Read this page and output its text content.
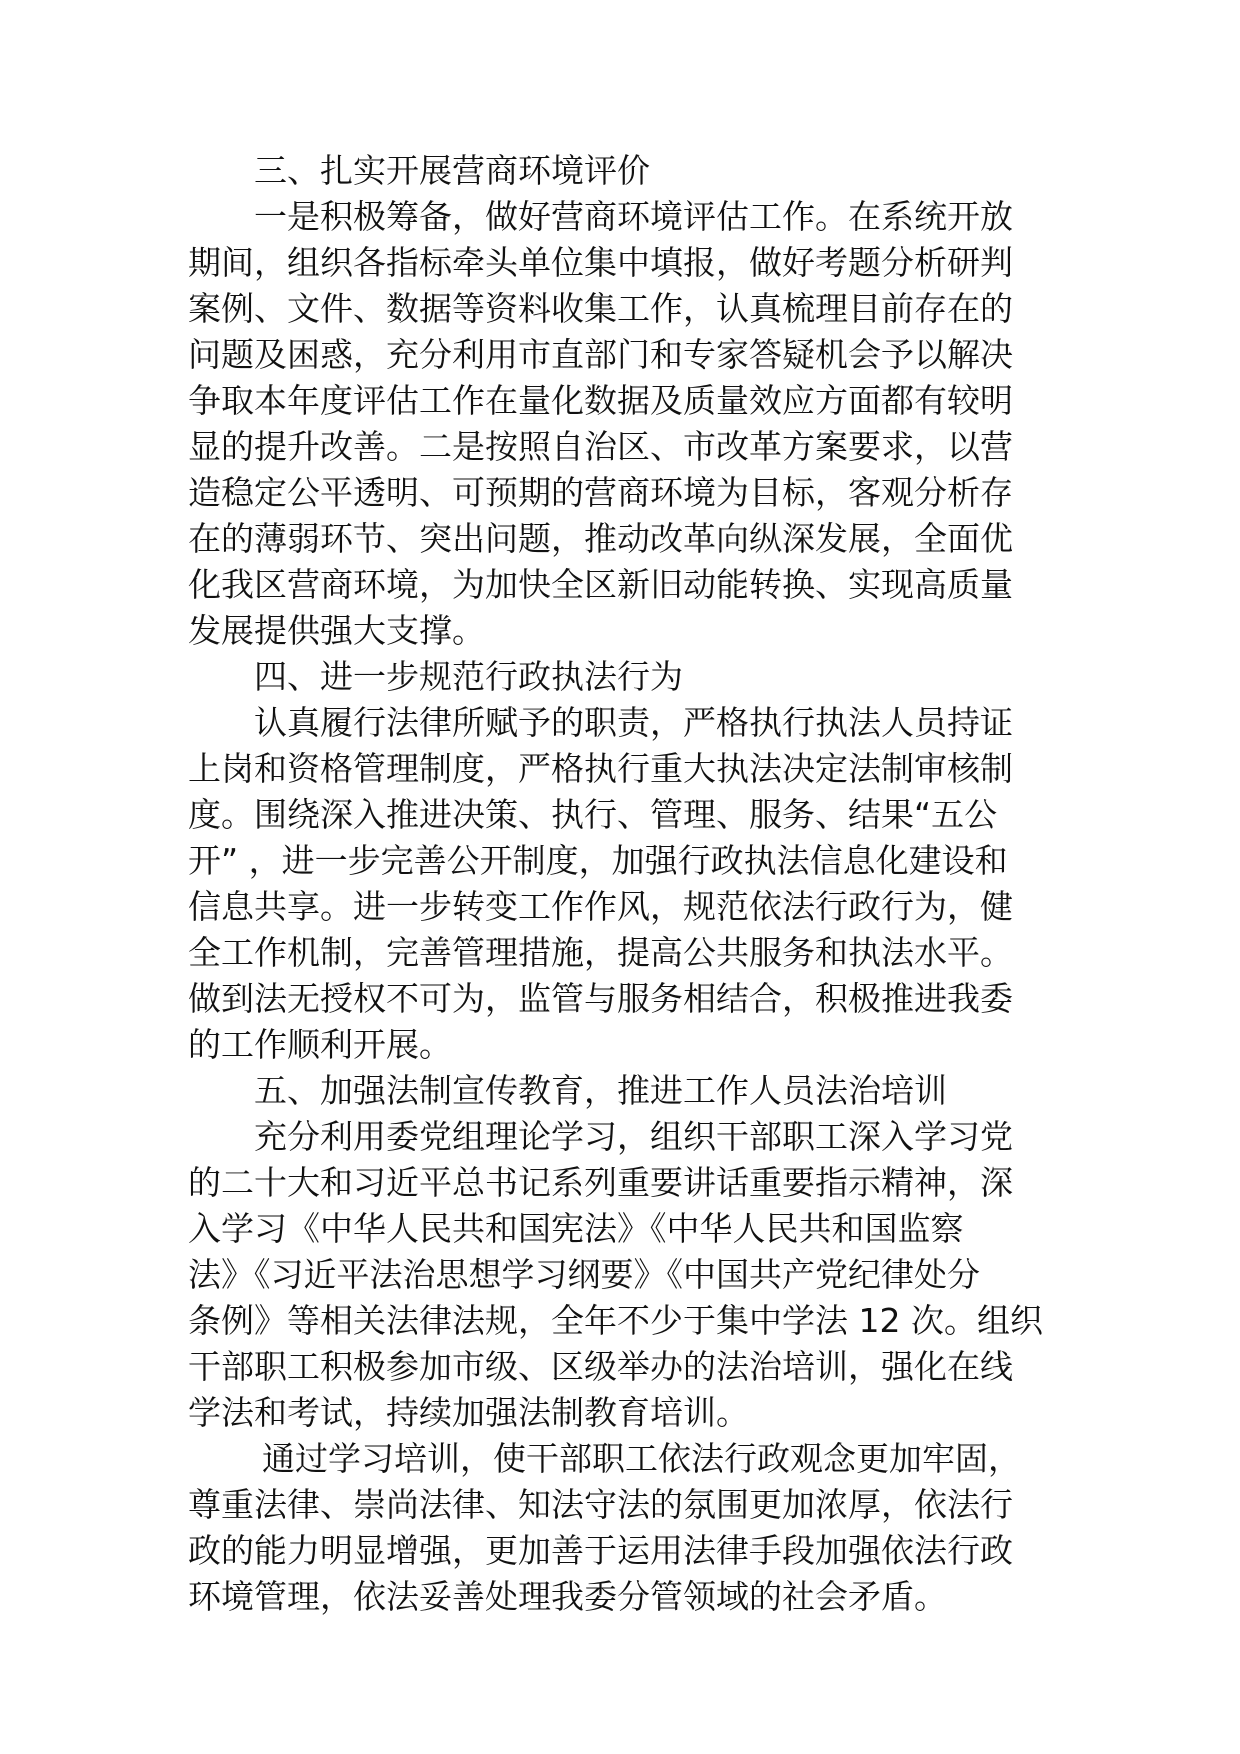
三、扎实开展营商环境评价
一是积极筹备，做好营商环境评估工作。在系统开放
期间，组织各指标牵头单位集中填报，做好考题分析研判
案例、文件、数据等资料收集工作，认真梳理目前存在的
问题及困惑，充分利用市直部门和专家答疑机会予以解决
争取本年度评估工作在量化数据及质量效应方面都有较明
显的提升改善。二是按照自治区、市改革方案要求，以营
造稳定公平透明、可预期的营商环境为目标，客观分析存
在的薄弱环节、突出问题，推动改革向纵深发展，全面优
化我区营商环境，为加快全区新旧动能转换、实现高质量
发展提供强大支撑。
四、进一步规范行政执法行为
认真履行法律所赋予的职责，严格执行执法人员持证
上岗和资格管理制度，严格执行重大执法决定法制审核制
度。围绕深入推进决策、执行、管理、服务、结果“五公
开” ，进一步完善公开制度，加强行政执法信息化建设和
信息共享。进一步转变工作作风，规范依法行政行为，健
全工作机制，完善管理措施，提高公共服务和执法水平。
做到法无授权不可为，监管与服务相结合，积极推进我委
的工作顺利开展。
五、加强法制宣传教育，推进工作人员法治培训
充分利用委党组理论学习，组织干部职工深入学习党
的二十大和习近平总书记系列重要讲话重要指示精神，深
入学习《中华人民共和国宪法》《中华人民共和国监察
法》《习近平法治思想学习纲要》《中国共产党纪律处分
条例》等相关法律法规，全年不少于集中学法 12 次。组织
干部职工积极参加市级、区级举办的法治培训，强化在线
学法和考试，持续加强法制教育培训。
通过学习培训，使干部职工依法行政观念更加牢固，
尊重法律、崇尚法律、知法守法的氛围更加浓厚，依法行
政的能力明显增强，更加善于运用法律手段加强依法行政
环境管理，依法妥善处理我委分管领域的社会矛盾。
